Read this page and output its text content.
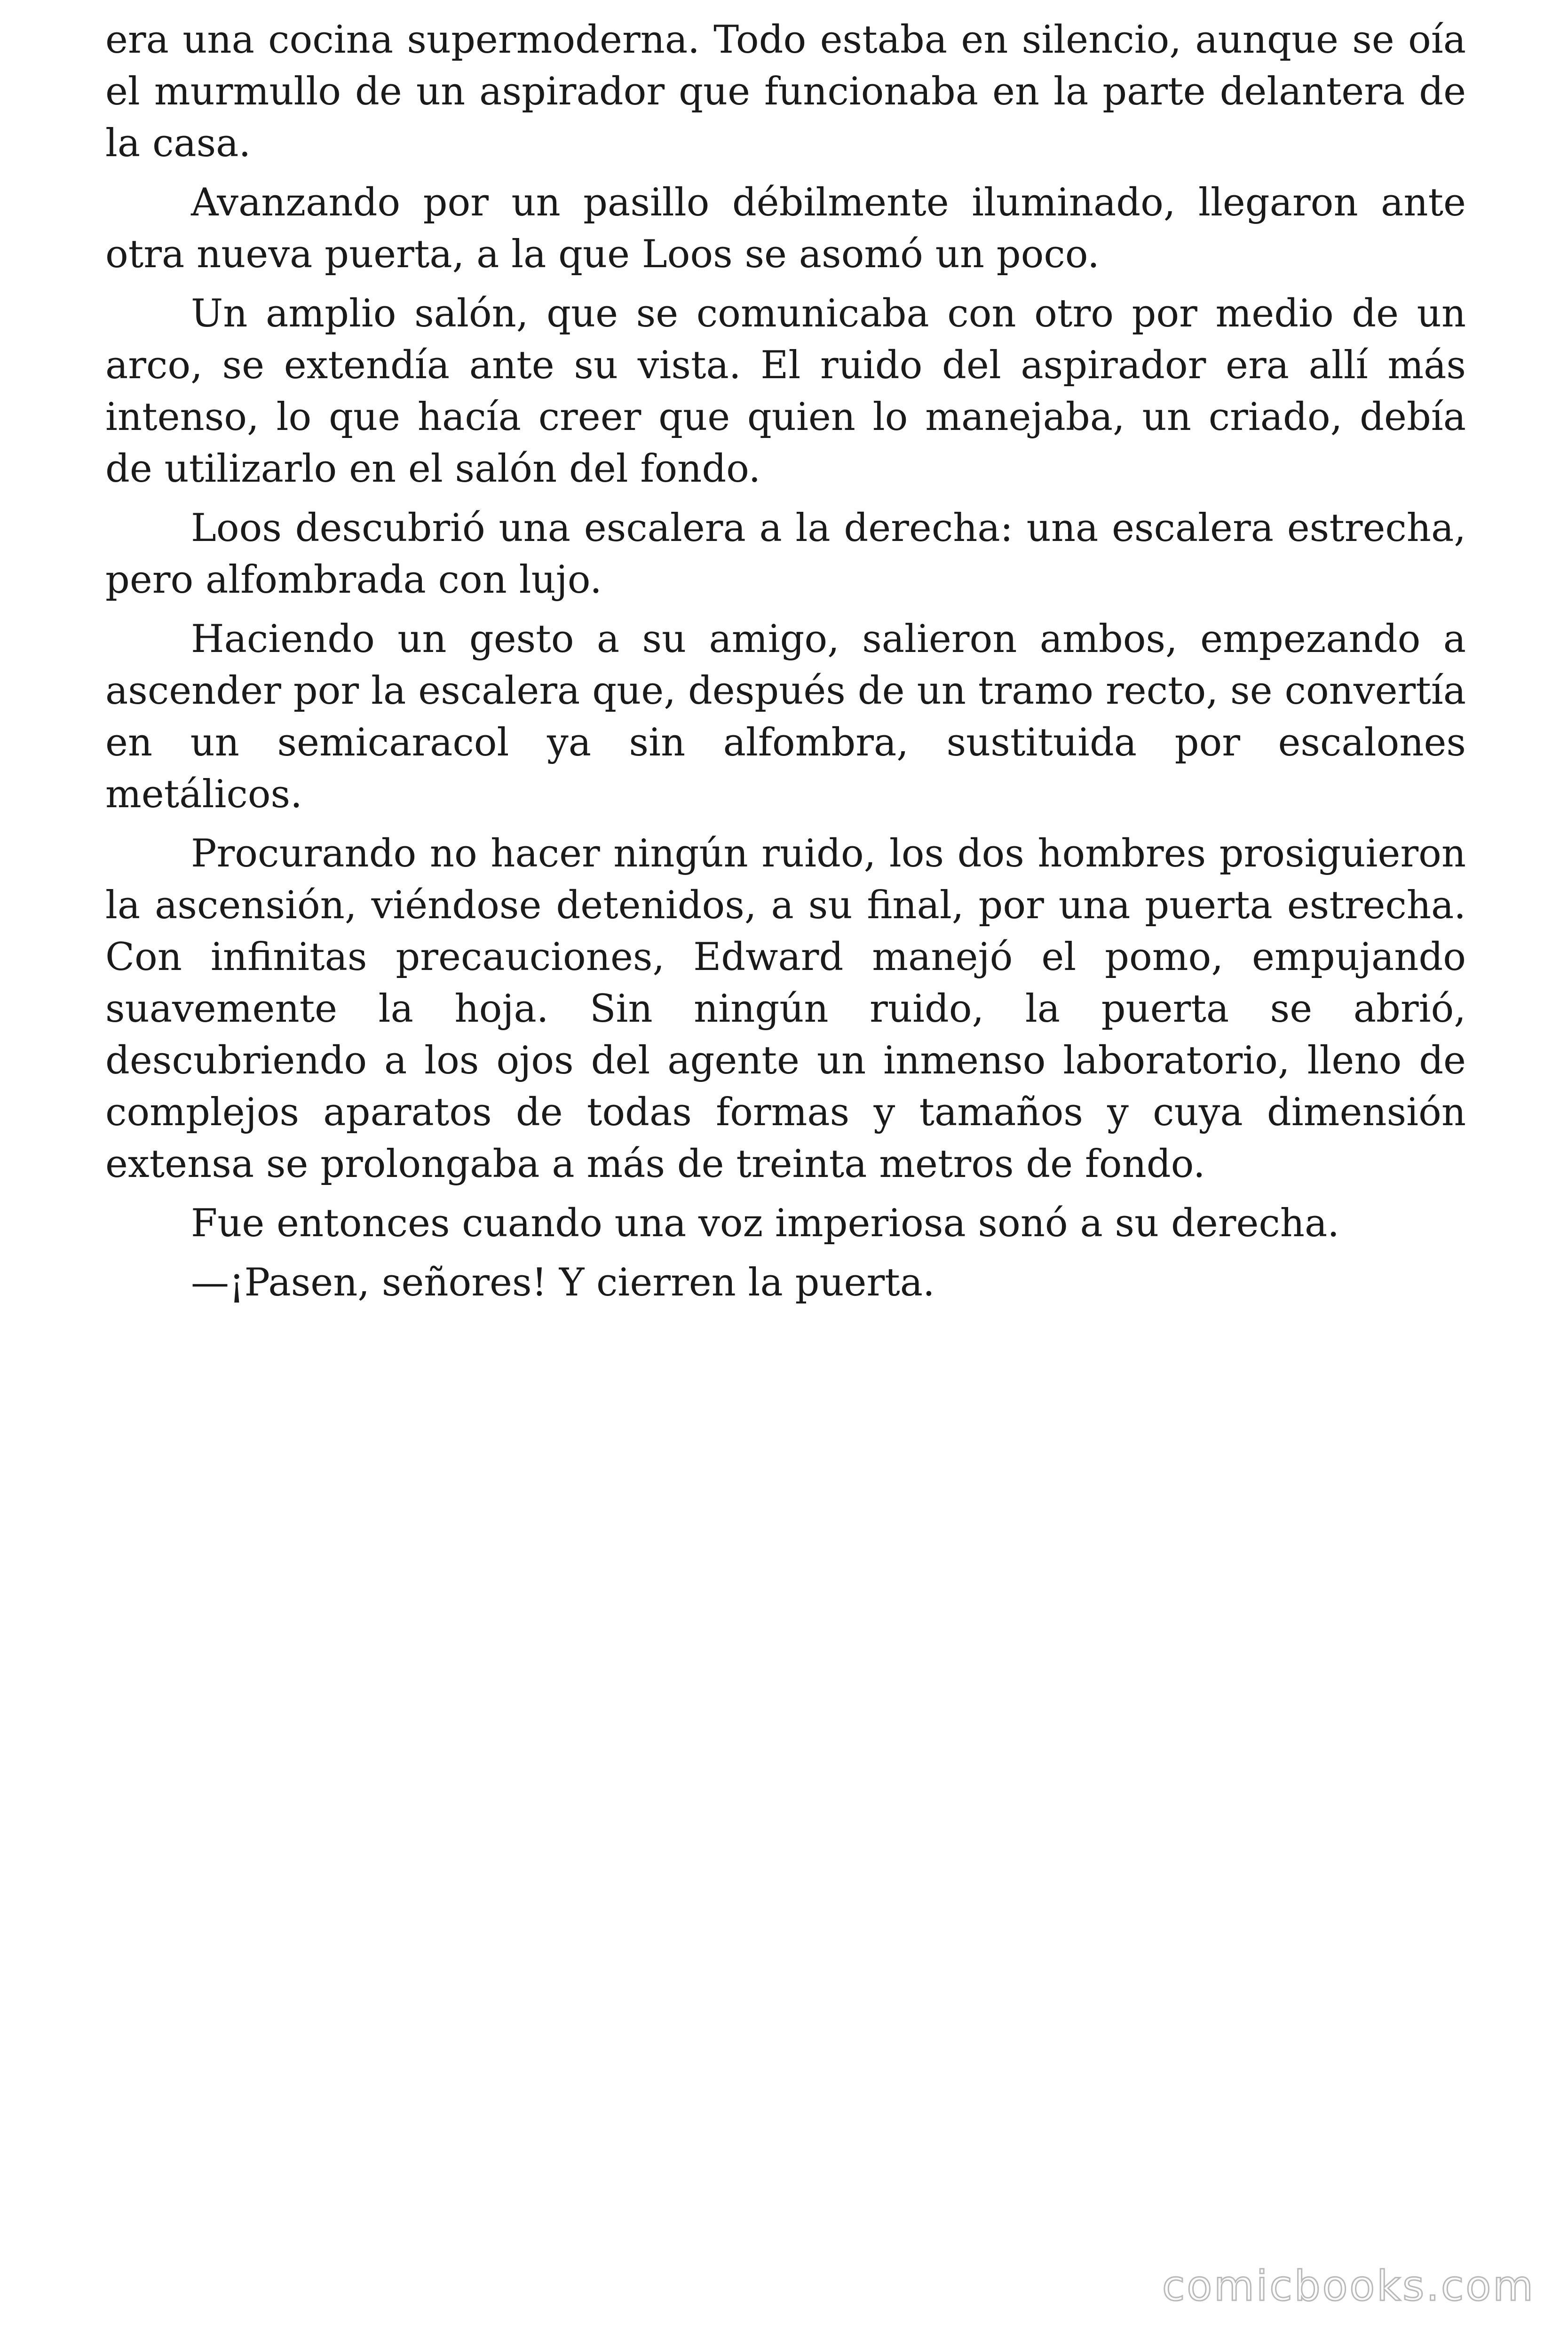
era una cocina supermoderna. Todo estaba en silencio, aunque se oía el murmullo de un aspirador que funcionaba en la parte delantera de la casa.

Avanzando por un pasillo débilmente iluminado, llegaron ante otra nueva puerta, a la que Loos se asomó un poco.

Un amplio salón, que se comunicaba con otro por medio de un arco, se extendía ante su vista. El ruido del aspirador era allí más intenso, lo que hacía creer que quien lo manejaba, un criado, debía de utilizarlo en el salón del fondo.

Loos descubrió una escalera a la derecha: una escalera estrecha, pero alfombrada con lujo.

Haciendo un gesto a su amigo, salieron ambos, empezando a ascender por la escalera que, después de un tramo recto, se convertía en un semicaracol ya sin alfombra, sustituida por escalones metálicos.

Procurando no hacer ningún ruido, los dos hombres prosiguieron la ascensión, viéndose detenidos, a su final, por una puerta estrecha. Con infinitas precauciones, Edward manejó el pomo, empujando suavemente la hoja. Sin ningún ruido, la puerta se abrió, descubriendo a los ojos del agente un inmenso laboratorio, lleno de complejos aparatos de todas formas y tamaños y cuya dimensión extensa se prolongaba a más de treinta metros de fondo.

Fue entonces cuando una voz imperiosa sonó a su derecha.

—¡Pasen, señores! Y cierren la puerta.

comicbooks.com
